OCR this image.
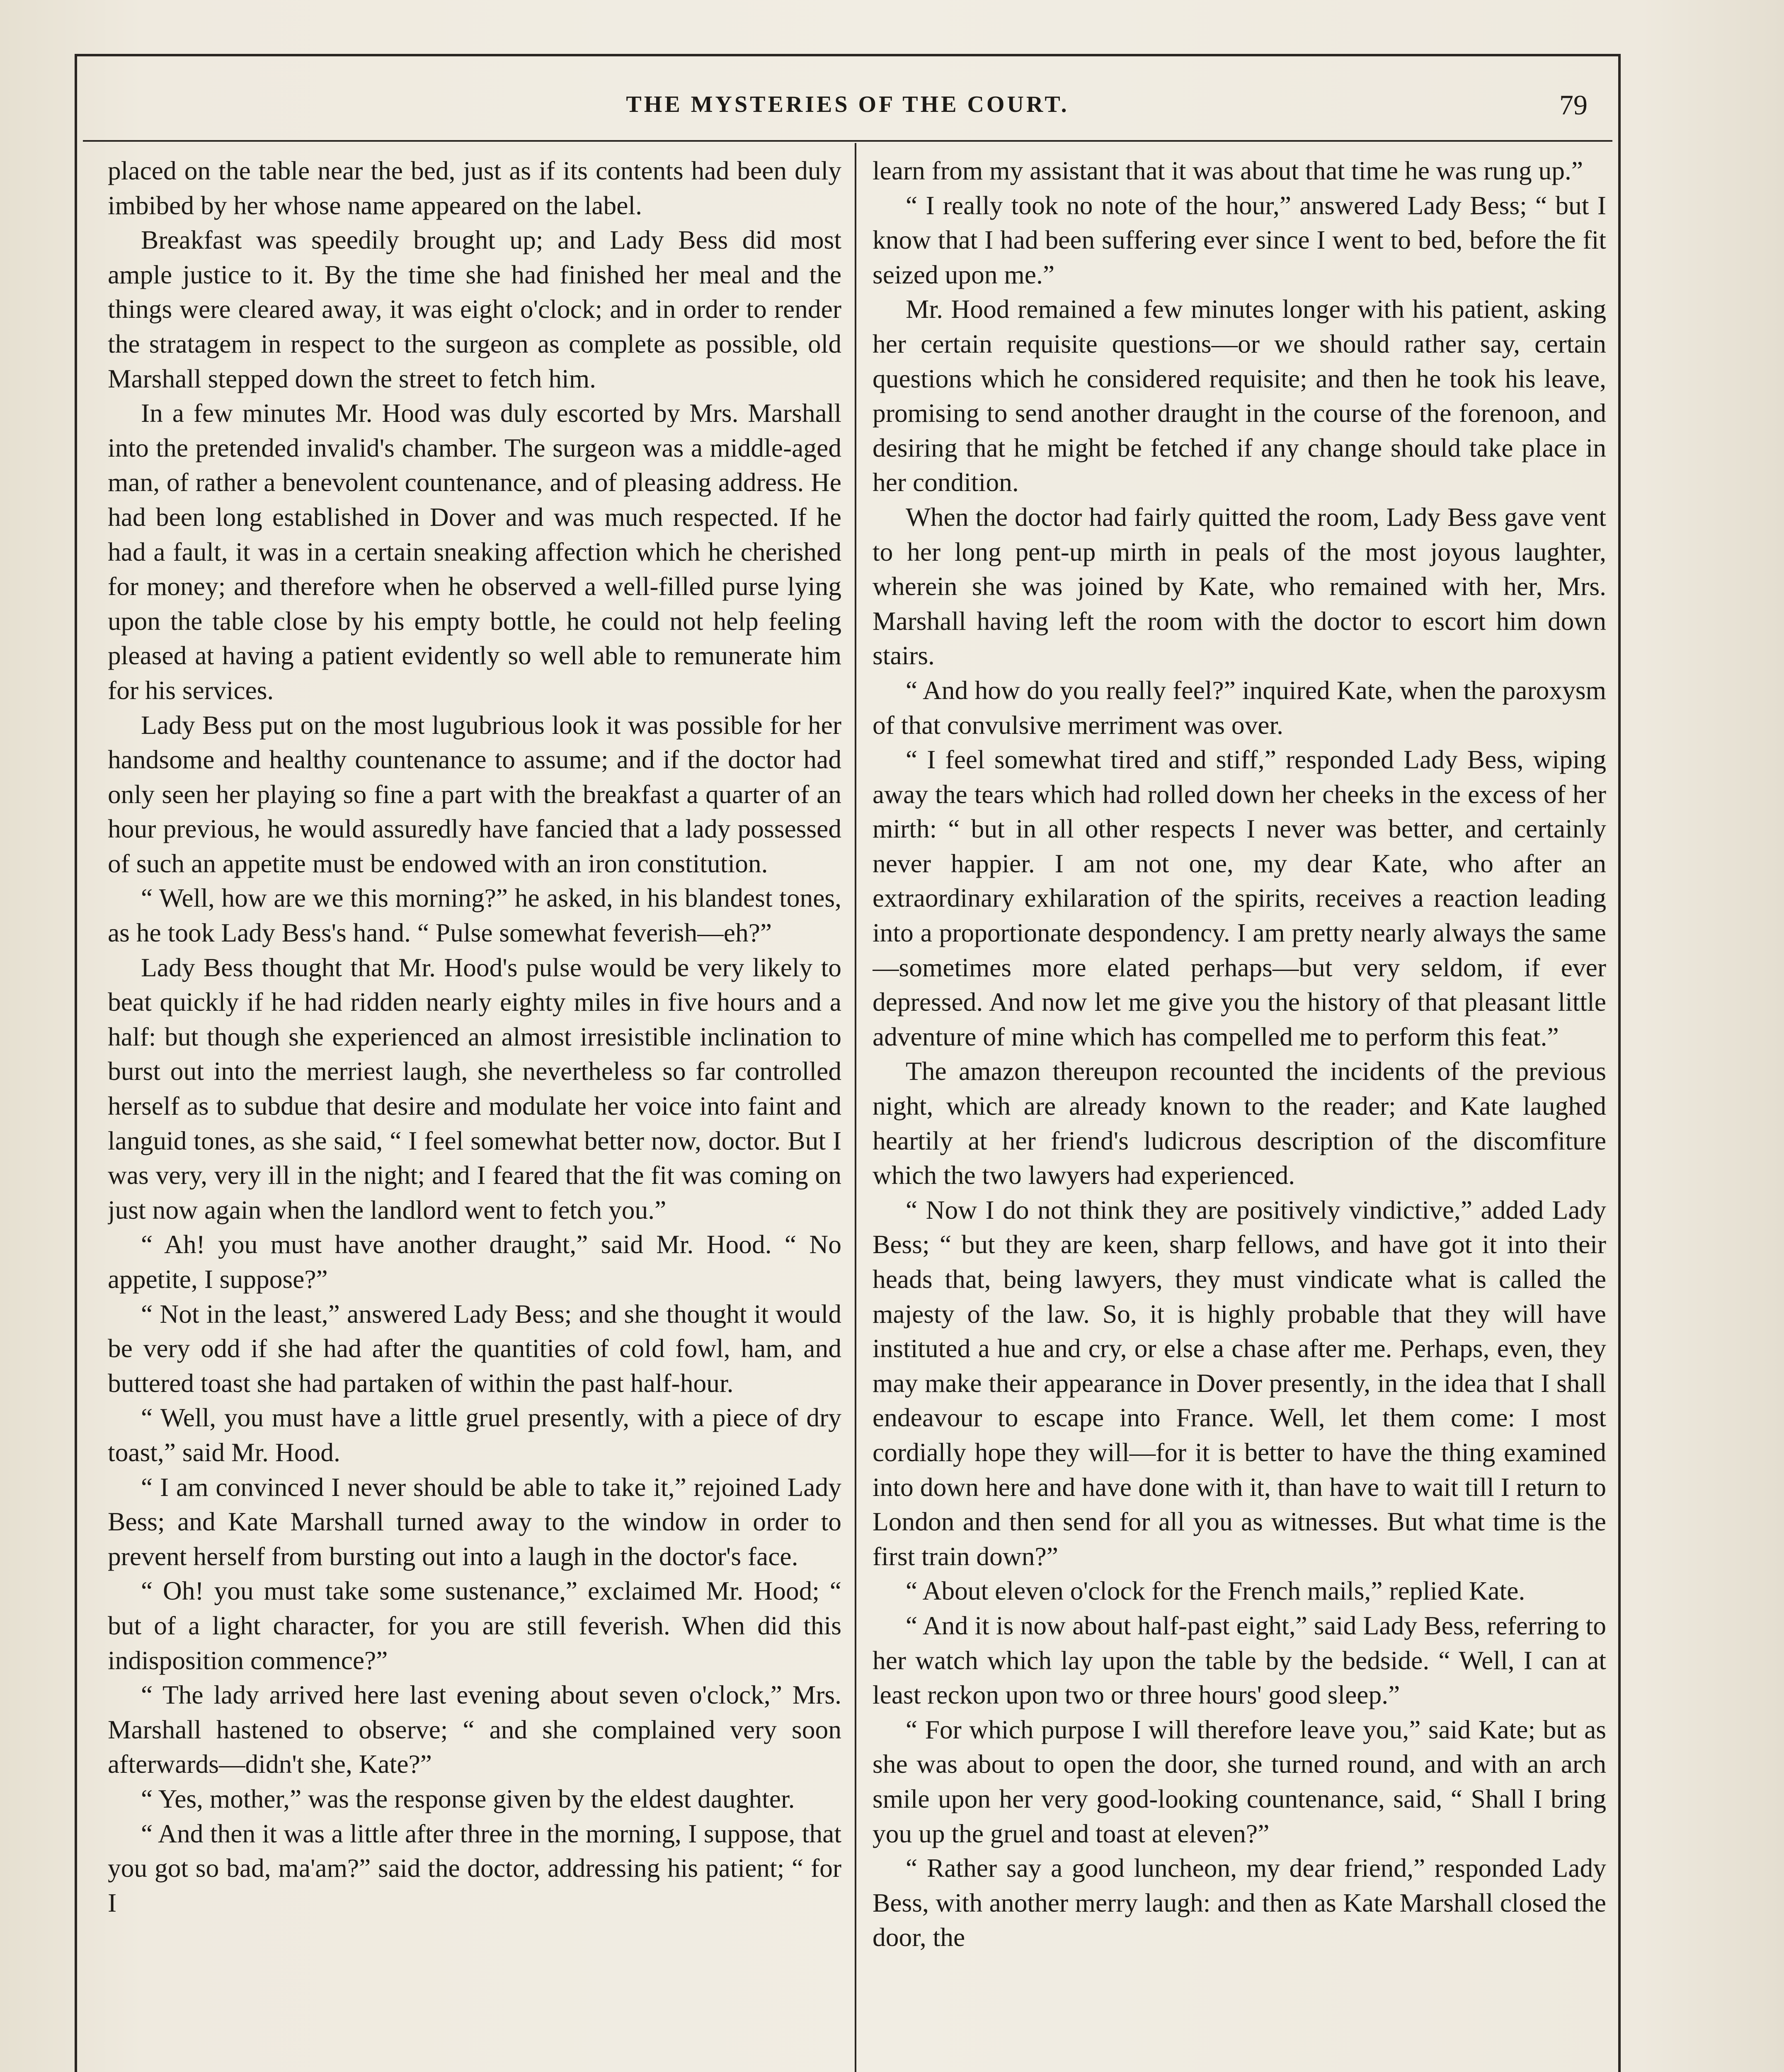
THE MYSTERIES OF THE COURT.	79

placed on the table near the bed, just as if its contents had been duly imbibed by her whose name appeared on the label.

Breakfast was speedily brought up; and Lady Bess did most ample justice to it. By the time she had finished her meal and the things were cleared away, it was eight o'clock; and in order to render the stratagem in respect to the surgeon as complete as possible, old Marshall stepped down the street to fetch him.

In a few minutes Mr. Hood was duly escorted by Mrs. Marshall into the pretended invalid's chamber. The surgeon was a middle-aged man, of rather a benevolent countenance, and of pleasing address. He had been long established in Dover and was much respected. If he had a fault, it was in a certain sneaking affection which he cherished for money; and therefore when he observed a well-filled purse lying upon the table close by his empty bottle, he could not help feeling pleased at having a patient evidently so well able to remunerate him for his services.

Lady Bess put on the most lugubrious look it was possible for her handsome and healthy countenance to assume; and if the doctor had only seen her playing so fine a part with the breakfast a quarter of an hour previous, he would assuredly have fancied that a lady possessed of such an appetite must be endowed with an iron constitution.

“ Well, how are we this morning?” he asked, in his blandest tones, as he took Lady Bess's hand. “ Pulse somewhat feverish—eh?”

Lady Bess thought that Mr. Hood's pulse would be very likely to beat quickly if he had ridden nearly eighty miles in five hours and a half: but though she experienced an almost irresistible inclination to burst out into the merriest laugh, she nevertheless so far controlled herself as to subdue that desire and modulate her voice into faint and languid tones, as she said, “ I feel somewhat better now, doctor. But I was very, very ill in the night; and I feared that the fit was coming on just now again when the landlord went to fetch you.”

“ Ah! you must have another draught,” said Mr. Hood. “ No appetite, I suppose?”

“ Not in the least,” answered Lady Bess; and she thought it would be very odd if she had after the quantities of cold fowl, ham, and buttered toast she had partaken of within the past half-hour.

“ Well, you must have a little gruel presently, with a piece of dry toast,” said Mr. Hood.

“ I am convinced I never should be able to take it,” rejoined Lady Bess; and Kate Marshall turned away to the window in order to prevent herself from bursting out into a laugh in the doctor's face.

“ Oh! you must take some sustenance,” exclaimed Mr. Hood; “ but of a light character, for you are still feverish. When did this indisposition commence?”

“ The lady arrived here last evening about seven o'clock,” Mrs. Marshall hastened to observe; “ and she complained very soon afterwards—didn't she, Kate?”

“ Yes, mother,” was the response given by the eldest daughter.

“ And then it was a little after three in the morning, I suppose, that you got so bad, ma'am?” said the doctor, addressing his patient; “ for I

learn from my assistant that it was about that time he was rung up.”

“ I really took no note of the hour,” answered Lady Bess; “ but I know that I had been suffering ever since I went to bed, before the fit seized upon me.”

Mr. Hood remained a few minutes longer with his patient, asking her certain requisite questions—or we should rather say, certain questions which he considered requisite; and then he took his leave, promising to send another draught in the course of the forenoon, and desiring that he might be fetched if any change should take place in her condition.

When the doctor had fairly quitted the room, Lady Bess gave vent to her long pent-up mirth in peals of the most joyous laughter, wherein she was joined by Kate, who remained with her, Mrs. Marshall having left the room with the doctor to escort him down stairs.

“ And how do you really feel?” inquired Kate, when the paroxysm of that convulsive merriment was over.

“ I feel somewhat tired and stiff,” responded Lady Bess, wiping away the tears which had rolled down her cheeks in the excess of her mirth: “ but in all other respects I never was better, and certainly never happier. I am not one, my dear Kate, who after an extraordinary exhilaration of the spirits, receives a reaction leading into a proportionate despondency. I am pretty nearly always the same—sometimes more elated perhaps—but very seldom, if ever depressed. And now let me give you the history of that pleasant little adventure of mine which has compelled me to perform this feat.”

The amazon thereupon recounted the incidents of the previous night, which are already known to the reader; and Kate laughed heartily at her friend's ludicrous description of the discomfiture which the two lawyers had experienced.

“ Now I do not think they are positively vindictive,” added Lady Bess; “ but they are keen, sharp fellows, and have got it into their heads that, being lawyers, they must vindicate what is called the majesty of the law. So, it is highly probable that they will have instituted a hue and cry, or else a chase after me. Perhaps, even, they may make their appearance in Dover presently, in the idea that I shall endeavour to escape into France. Well, let them come: I most cordially hope they will—for it is better to have the thing examined into down here and have done with it, than have to wait till I return to London and then send for all you as witnesses. But what time is the first train down?”

“ About eleven o'clock for the French mails,” replied Kate.

“ And it is now about half-past eight,” said Lady Bess, referring to her watch which lay upon the table by the bedside. “ Well, I can at least reckon upon two or three hours' good sleep.”

“ For which purpose I will therefore leave you,” said Kate; but as she was about to open the door, she turned round, and with an arch smile upon her very good-looking countenance, said, “ Shall I bring you up the gruel and toast at eleven?”

“ Rather say a good luncheon, my dear friend,” responded Lady Bess, with another merry laugh: and then as Kate Marshall closed the door, the
